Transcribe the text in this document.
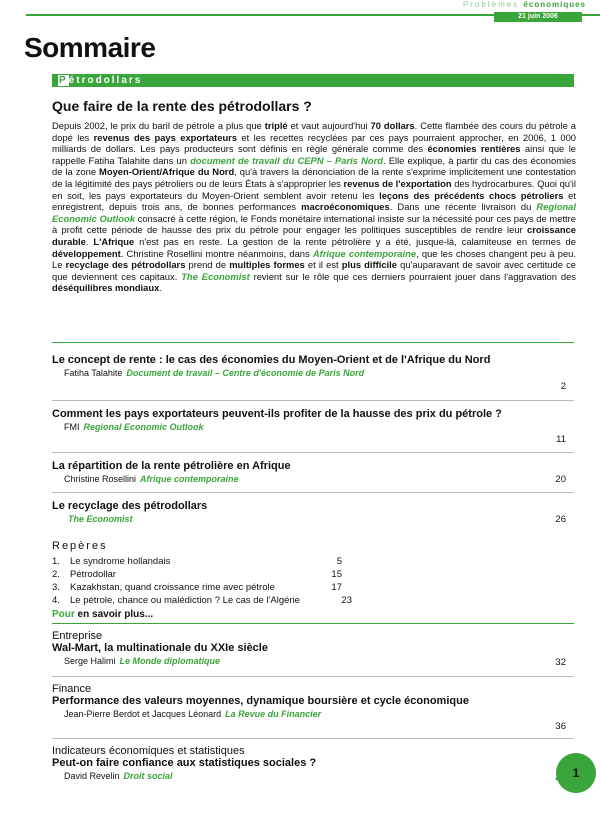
Problèmes économiques
21 juin 2006
Sommaire
Pétrodollars
Que faire de la rente des pétrodollars ?
Depuis 2002, le prix du baril de pétrole a plus que triplé et vaut aujourd'hui 70 dollars. Cette flambée des cours du pétrole a dopé les revenus des pays exportateurs et les recettes recyclées par ces pays pourraient approcher, en 2006, 1 000 milliards de dollars. Les pays producteurs sont définis en règle générale comme des économies rentières ainsi que le rappelle Fatiha Talahite dans un document de travail du CEPN – Paris Nord. Elle explique, à partir du cas des économies de la zone Moyen-Orient/Afrique du Nord, qu'à travers la dénonciation de la rente s'exprime implicitement une contestation de la légitimité des pays pétroliers ou de leurs États à s'approprier les revenus de l'exportation des hydrocarbures. Quoi qu'il en soit, les pays exportateurs du Moyen-Orient semblent avoir retenu les leçons des précédents chocs pétroliers et enregistrent, depuis trois ans, de bonnes performances macroéconomiques. Dans une récente livraison du Regional Economic Outlook consacré à cette région, le Fonds monétaire international insiste sur la nécessité pour ces pays de mettre à profit cette période de hausse des prix du pétrole pour engager les politiques susceptibles de rendre leur croissance durable. L'Afrique n'est pas en reste. La gestion de la rente pétrolière y a été, jusque-là, calamiteuse en termes de développement. Christine Rosellini montre néanmoins, dans Afrique contemporaine, que les choses changent peu à peu. Le recyclage des pétrodollars prend de multiples formes et il est plus difficile qu'auparavant de savoir avec certitude ce que deviennent ces capitaux. The Economist revient sur le rôle que ces derniers pourraient jouer dans l'aggravation des déséquilibres mondiaux.
Le concept de rente : le cas des économies du Moyen-Orient et de l'Afrique du Nord
Fatiha Talahite Document de travail – Centre d'économie de Paris Nord
2
Comment les pays exportateurs peuvent-ils profiter de la hausse des prix du pétrole ?
FMI Regional Economic Outlook
11
La répartition de la rente pétrolière en Afrique
Christine Rosellini Afrique contemporaine	20
Le recyclage des pétrodollars
The Economist	26
Repères
1. Le syndrome hollandais	5
2. Pétrodollar	15
3. Kazakhstan, quand croissance rime avec pétrole	17
4. Le pétrole, chance ou malédiction ? Le cas de l'Algérie	23
Pour en savoir plus...
Entreprise
Wal-Mart, la multinationale du XXIe siècle
Serge Halimi Le Monde diplomatique	32
Finance
Performance des valeurs moyennes, dynamique boursière et cycle économique
Jean-Pierre Berdot et Jacques Léonard La Revue du Financier
36
Indicateurs économiques et statistiques
Peut-on faire confiance aux statistiques sociales ?
David Revelin Droit social	1
